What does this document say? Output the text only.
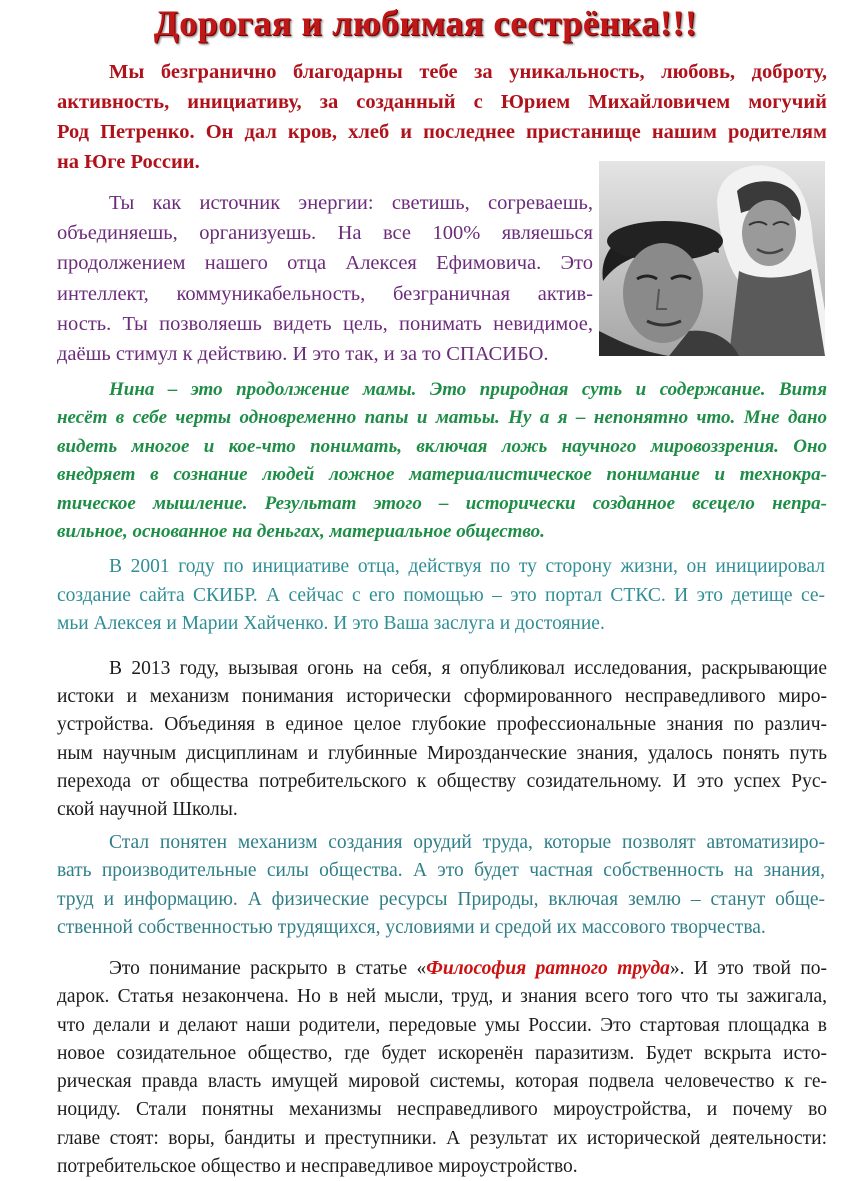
Дорогая и любимая сестрёнка!!!
Мы безгранично благодарны тебе за уникальность, любовь, доброту,
активность, инициативу, за созданный с Юрием Михайловичем могучий
Род Петренко. Он дал кров, хлеб и последнее пристанище нашим родителям
на Юге России.
Ты как источник энергии: светишь, согреваешь,
объединяешь, организуешь. На все 100% являешься
продолжением нашего отца Алексея Ефимовича. Это
интеллект, коммуникабельность, безграничная актив-
ность. Ты позволяешь видеть цель, понимать невидимое,
даёшь стимул к действию. И это так, и за то СПАСИБО.
Нина – это продолжение мамы. Это природная суть и содержание. Витя
несёт в себе черты одновременно папы и матьы. Ну а я – непонятно что. Мне дано
видеть многое и кое-что понимать, включая ложь научного мировоззрения. Оно
внедряет в сознание людей ложное материалистическое понимание и технокра-
тическое мышление. Результат этого – исторически созданное всецело непра-
вильное, основанное на деньгах, материальное общество.
В 2001 году по инициативе отца, действуя по ту сторону жизни, он инициировал
создание сайта СКИБР. А сейчас с его помощью – это портал СТКС. И это детище се-
мьи Алексея и Марии Хайченко. И это Ваша заслуга и достояние.
В 2013 году, вызывая огонь на себя, я опубликовал исследования, раскрывающие
истоки и механизм понимания исторически сформированного несправедливого миро-
устройства. Объединяя в единое целое глубокие профессиональные знания по различ-
ным научным дисциплинам и глубинные Мирозданческие знания, удалось понять путь
перехода от общества потребительского к обществу созидательному. И это успех Рус-
ской научной Школы.
Стал понятен механизм создания орудий труда, которые позволят автоматизиро-
вать производительные силы общества. А это будет частная собственность на знания,
труд и информацию. А физические ресурсы Природы, включая землю – станут обще-
ственной собственностью трудящихся, условиями и средой их массового творчества.
Это понимание раскрыто в статье «Философия ратного труда». И это твой по-
дарок. Статья незаконченa. Но в ней мысли, труд, и знания всего того что ты зажигала,
что делали и делают наши родители, передовые умы России. Это стартовая площадка в
новое созидательное общество, где будет искоренён паразитизм. Будет вскрыта истo-
рическая правда власть имущей мировой системы, которая подвела человечество к ге-
ноциду. Стали понятны механизмы несправедливого мироустройства, и почему во
главе стоят: воры, бандиты и преступники. А результат их исторической деятельности:
потребительское общество и несправедливое мироустройство.
